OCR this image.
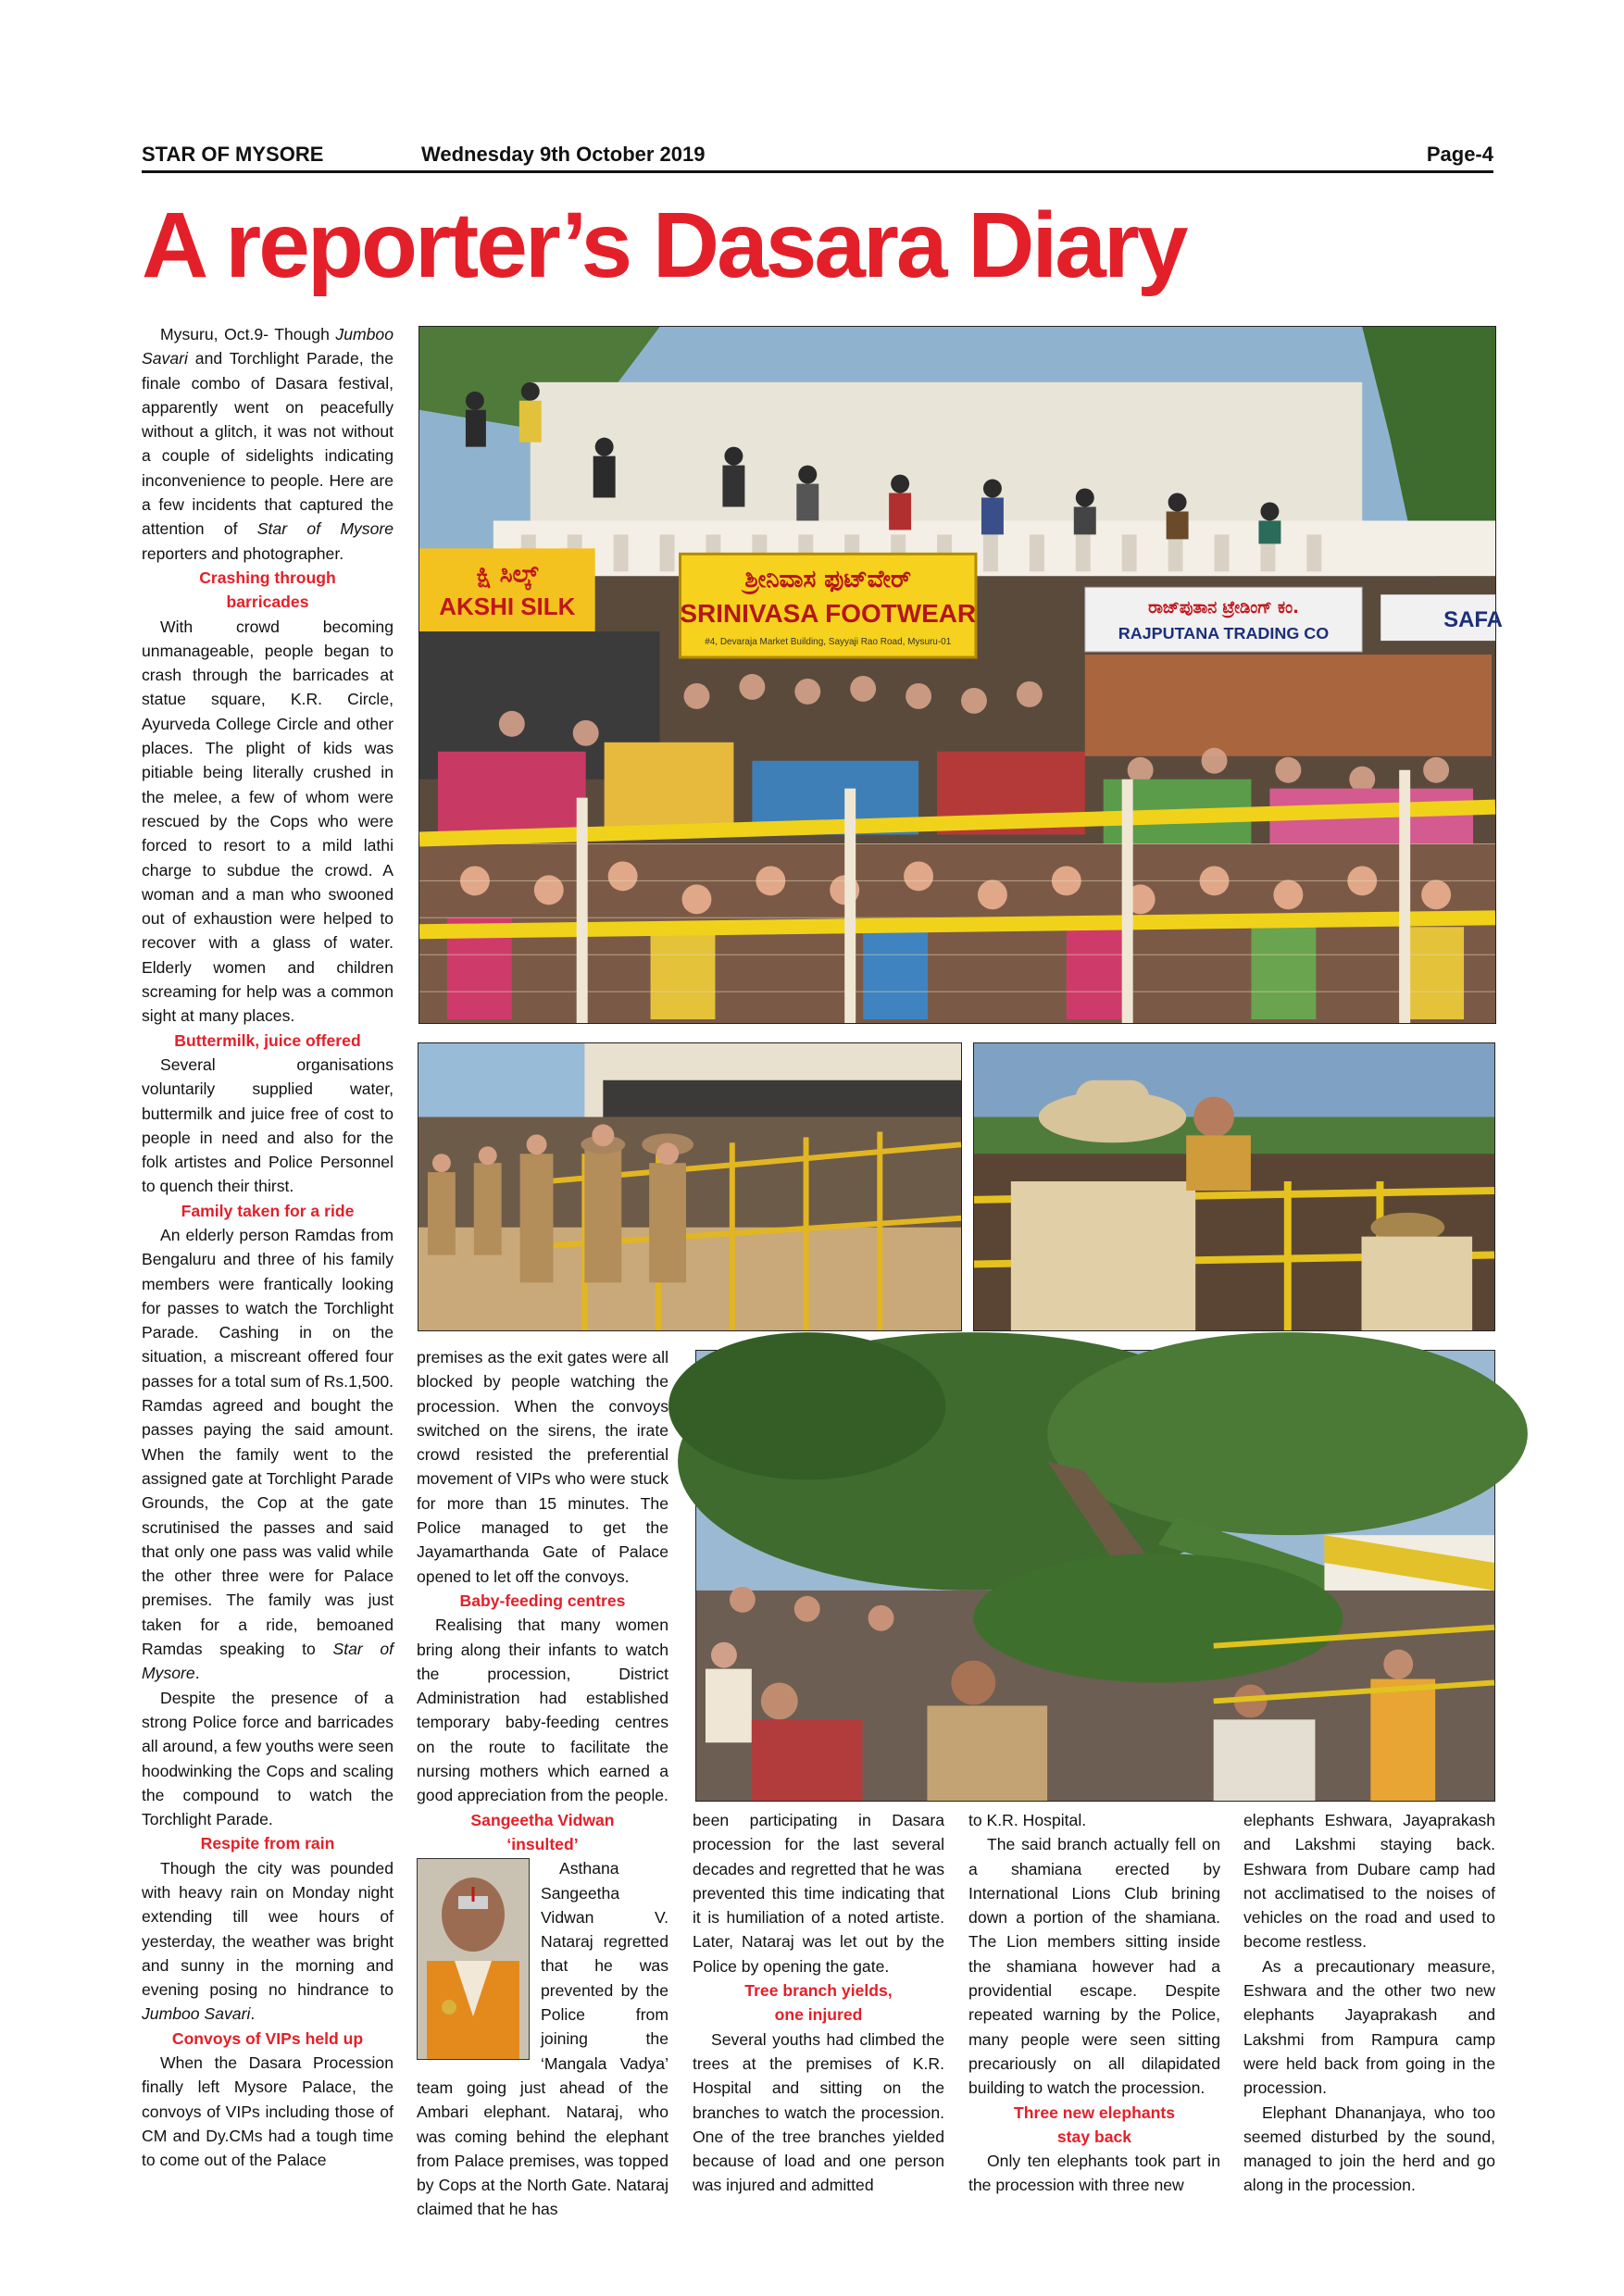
STAR OF MYSORE	Wednesday 9th October 2019	Page-4
A reporter’s Dasara Diary

Mysuru, Oct.9- Though Jumboo Savari and Torchlight Parade, the finale combo of Dasara festival, apparently went on peacefully without a glitch, it was not without a couple of sidelights indicating inconvenience to people. Here are a few incidents that captured the attention of Star of Mysore reporters and photographer.

Crashing through

barricades

With crowd becoming unmanageable, people began to crash through the barricades at statue square, K.R. Circle, Ayurveda College Circle and other places. The plight of kids was pitiable being literally crushed in the melee, a few of whom were rescued by the Cops who were forced to resort to a mild lathi charge to subdue the crowd. A woman and a man who swooned out of exhaustion were helped to recover with a glass of water. Elderly women and children screaming for help was a common sight at many places.

Buttermilk, juice offered

Several organisations voluntarily supplied water, buttermilk and juice free of cost to people in need and also for the folk artistes and Police Personnel to quench their thirst.

Family taken for a ride

An elderly person Ramdas from Bengaluru and three of his family members were frantically looking for passes to watch the Torchlight Parade. Cashing in on the situation, a miscreant offered four passes for a total sum of Rs.1,500. Ramdas agreed and bought the passes paying the said amount. When the family went to the assigned gate at Torchlight Parade Grounds, the Cop at the gate scrutinised the passes and said that only one pass was valid while the other three were for Palace premises. The family was just taken for a ride, bemoaned Ramdas speaking to Star of Mysore.

Despite the presence of a strong Police force and barricades all around, a few youths were seen hoodwinking the Cops and scaling the compound to watch the Torchlight Parade.

Respite from rain

Though the city was pounded with heavy rain on Monday night extending till wee hours of yesterday, the weather was bright and sunny in the morning and evening posing no hindrance to Jumboo Savari.

Convoys of VIPs held up

When the Dasara Procession finally left Mysore Palace, the convoys of VIPs including those of CM and Dy.CMs had a tough time to come out of the Palace

ಕ್ಷಿ ಸಿಲ್ಕ್
AKSHI SILK
ಶ್ರೀನಿವಾಸ ಫುಟ್‌ವೇರ್
SRINIVASA FOOTWEAR
#4, Devaraja Market Building, Sayyaji Rao Road, Mysuru-01
ರಾಜ್‌ಪುತಾನ ಟ್ರೇಡಿಂಗ್ ಕಂ.
RAJPUTANA TRADING CO
SAFA

premises as the exit gates were all blocked by people watching the procession. When the convoys switched on the sirens, the irate crowd resisted the preferential movement of VIPs who were stuck for more than 15 minutes. The Police managed to get the Jayamarthanda Gate of Palace opened to let off the convoys.

Baby-feeding centres

Realising that many women bring along their infants to watch the procession, District Administration had established temporary baby-feeding centres on the route to facilitate the nursing mothers which earned a good appreciation from the people.

Sangeetha Vidwan

‘insulted’

Asthana Sangeetha Vidwan V. Nataraj regretted that he was prevented by the Police from joining the ‘Mangala Vadya’ team going just ahead of the Ambari elephant. Nataraj, who was coming behind the elephant from Palace premises, was topped by Cops at the North Gate. Nataraj claimed that he has

been participating in Dasara procession for the last several decades and regretted that he was prevented this time indicating that it is humiliation of a noted artiste. Later, Nataraj was let out by the Police by opening the gate.

Tree branch yields,

one injured

Several youths had climbed the trees at the premises of K.R. Hospital and sitting on the branches to watch the procession. One of the tree branches yielded because of load and one person was injured and admitted

to K.R. Hospital.

The said branch actually fell on a shamiana erected by International Lions Club brining down a portion of the shamiana. The Lion members sitting inside the shamiana however had a providential escape. Despite repeated warning by the Police, many people were seen sitting precariously on all dilapidated building to watch the procession.

Three new elephants

stay back

Only ten elephants took part in the procession with three new

elephants Eshwara, Jayaprakash and Lakshmi staying back. Eshwara from Dubare camp had not acclimatised to the noises of vehicles on the road and used to become restless.

As a precautionary measure, Eshwara and the other two new elephants Jayaprakash and Lakshmi from Rampura camp were held back from going in the procession.

Elephant Dhananjaya, who too seemed disturbed by the sound, managed to join the herd and go along in the procession.
